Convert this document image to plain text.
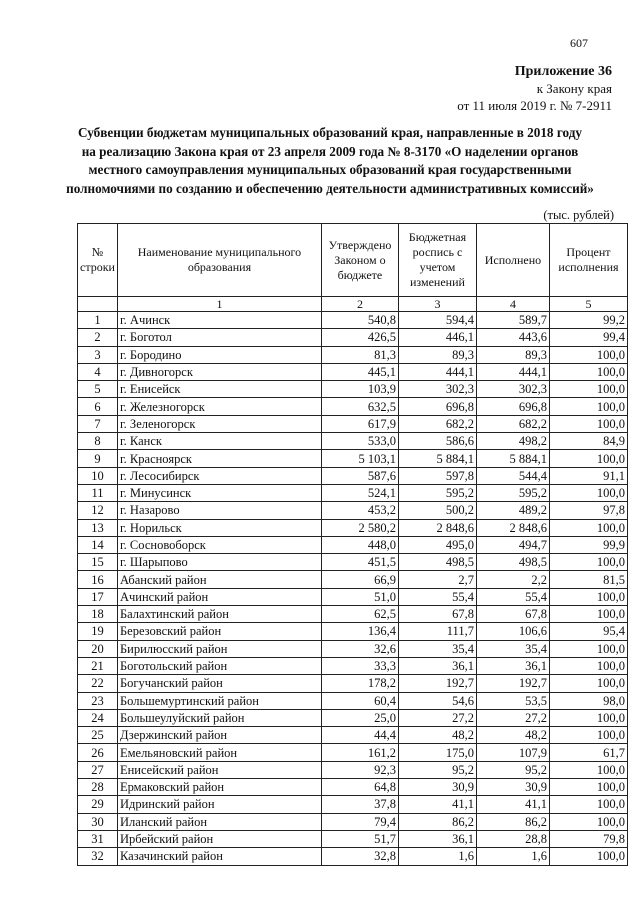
607
Приложение 36
к Закону края
от 11 июля 2019 г. № 7-2911
Субвенции бюджетам муниципальных образований края, направленные в 2018 году
на реализацию Закона края от 23 апреля 2009 года № 8-3170 «О наделении органов
местного самоуправления муниципальных образований края государственными
полномочиями по созданию и обеспечению деятельности административных комиссий»
(тыс. рублей)
№ строки	Наименование муниципального образования	Утверждено Законом о бюджете	Бюджетная роспись с учетом изменений	Исполнено	Процент исполнения
	1	2	3	4	5
1	г. Ачинск	540,8	594,4	589,7	99,2
2	г. Боготол	426,5	446,1	443,6	99,4
3	г. Бородино	81,3	89,3	89,3	100,0
4	г. Дивногорск	445,1	444,1	444,1	100,0
5	г. Енисейск	103,9	302,3	302,3	100,0
6	г. Железногорск	632,5	696,8	696,8	100,0
7	г. Зеленогорск	617,9	682,2	682,2	100,0
8	г. Канск	533,0	586,6	498,2	84,9
9	г. Красноярск	5 103,1	5 884,1	5 884,1	100,0
10	г. Лесосибирск	587,6	597,8	544,4	91,1
11	г. Минусинск	524,1	595,2	595,2	100,0
12	г. Назарово	453,2	500,2	489,2	97,8
13	г. Норильск	2 580,2	2 848,6	2 848,6	100,0
14	г. Сосновоборск	448,0	495,0	494,7	99,9
15	г. Шарыпово	451,5	498,5	498,5	100,0
16	Абанский район	66,9	2,7	2,2	81,5
17	Ачинский район	51,0	55,4	55,4	100,0
18	Балахтинский район	62,5	67,8	67,8	100,0
19	Березовский район	136,4	111,7	106,6	95,4
20	Бирилюсский район	32,6	35,4	35,4	100,0
21	Боготольский район	33,3	36,1	36,1	100,0
22	Богучанский район	178,2	192,7	192,7	100,0
23	Большемуртинский район	60,4	54,6	53,5	98,0
24	Большеулуйский район	25,0	27,2	27,2	100,0
25	Дзержинский район	44,4	48,2	48,2	100,0
26	Емельяновский район	161,2	175,0	107,9	61,7
27	Енисейский район	92,3	95,2	95,2	100,0
28	Ермаковский район	64,8	30,9	30,9	100,0
29	Идринский район	37,8	41,1	41,1	100,0
30	Иланский район	79,4	86,2	86,2	100,0
31	Ирбейский район	51,7	36,1	28,8	79,8
32	Казачинский район	32,8	1,6	1,6	100,0
